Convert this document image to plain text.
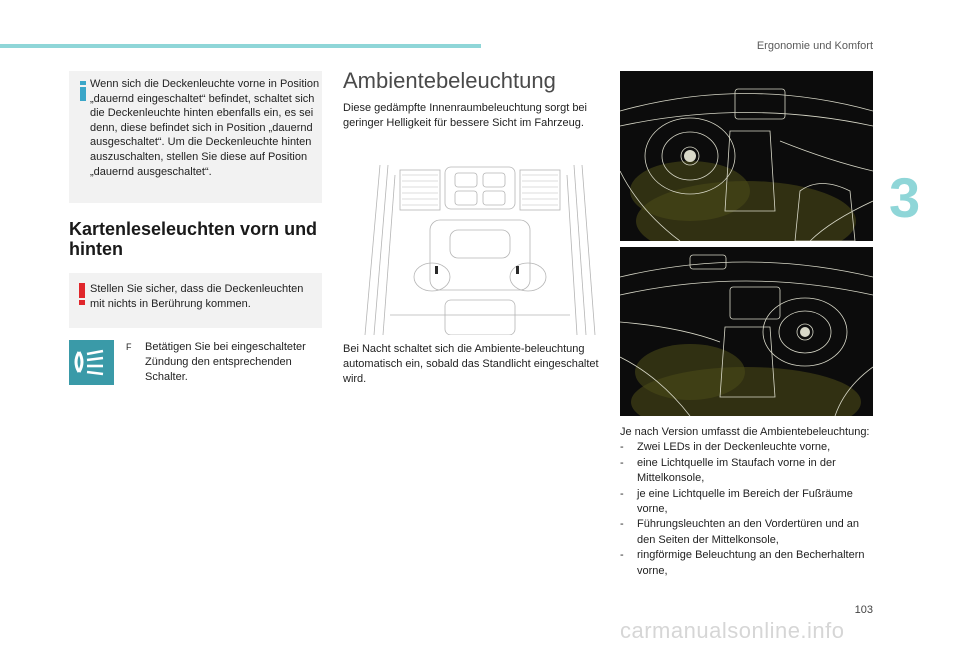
Ergonomie und Komfort
3
Wenn sich die Deckenleuchte vorne in Position „dauernd eingeschaltet“ befindet, schaltet sich die Deckenleuchte hinten ebenfalls ein, es sei denn, diese befindet sich in Position „dauernd ausgeschaltet“. Um die Deckenleuchte hinten auszuschalten, stellen Sie diese auf Position „dauernd ausgeschaltet“.
Kartenleseleuchten vorn und hinten
Stellen Sie sicher, dass die Deckenleuchten mit nichts in Berührung kommen.
F Betätigen Sie bei eingeschalteter Zündung den entsprechenden Schalter.
Ambientebeleuchtung
Diese gedämpfte Innenraumbeleuchtung sorgt bei geringer Helligkeit für bessere Sicht im Fahrzeug.
Bei Nacht schaltet sich die Ambiente-beleuchtung automatisch ein, sobald das Standlicht eingeschaltet wird.
Je nach Version umfasst die Ambientebeleuchtung:
- Zwei LEDs in der Deckenleuchte vorne,
- eine Lichtquelle im Staufach vorne in der Mittelkonsole,
- je eine Lichtquelle im Bereich der Fußräume vorne,
- Führungsleuchten an den Vordertüren und an den Seiten der Mittelkonsole,
- ringförmige Beleuchtung an den Becherhaltern vorne,
103
carmanualsonline.info
